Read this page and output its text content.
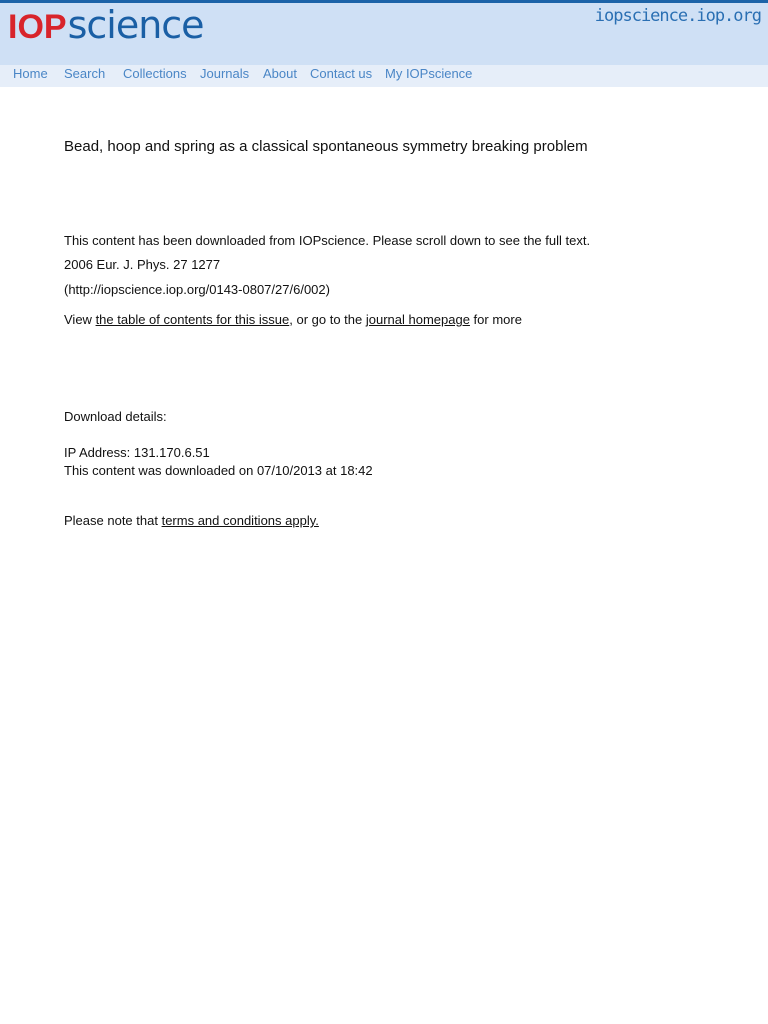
IOP science	iopscience.iop.org
Home Search Collections Journals About Contact us My IOPscience
Bead, hoop and spring as a classical spontaneous symmetry breaking problem
This content has been downloaded from IOPscience. Please scroll down to see the full text.
2006 Eur. J. Phys. 27 1277
(http://iopscience.iop.org/0143-0807/27/6/002)
View the table of contents for this issue, or go to the journal homepage for more
Download details:
IP Address: 131.170.6.51
This content was downloaded on 07/10/2013 at 18:42
Please note that terms and conditions apply.
